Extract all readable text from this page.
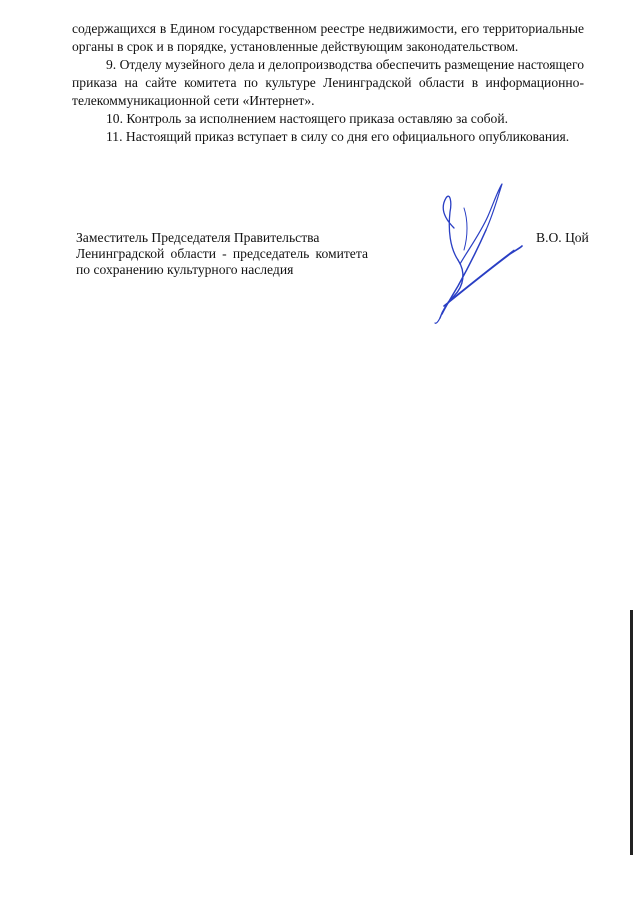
содержащихся в Едином государственном реестре недвижимости, его территориальные органы в срок и в порядке, установленные действующим законодательством.

9. Отделу музейного дела и делопроизводства обеспечить размещение настоящего приказа на сайте комитета по культуре Ленинградской области в информационно-телекоммуникационной сети «Интернет».

10. Контроль за исполнением настоящего приказа оставляю за собой.

11. Настоящий приказ вступает в силу со дня его официального опубликования.

Заместитель Председателя Правительства
Ленинградской области - председатель комитета по сохранению культурного наследия

В.О. Цой
